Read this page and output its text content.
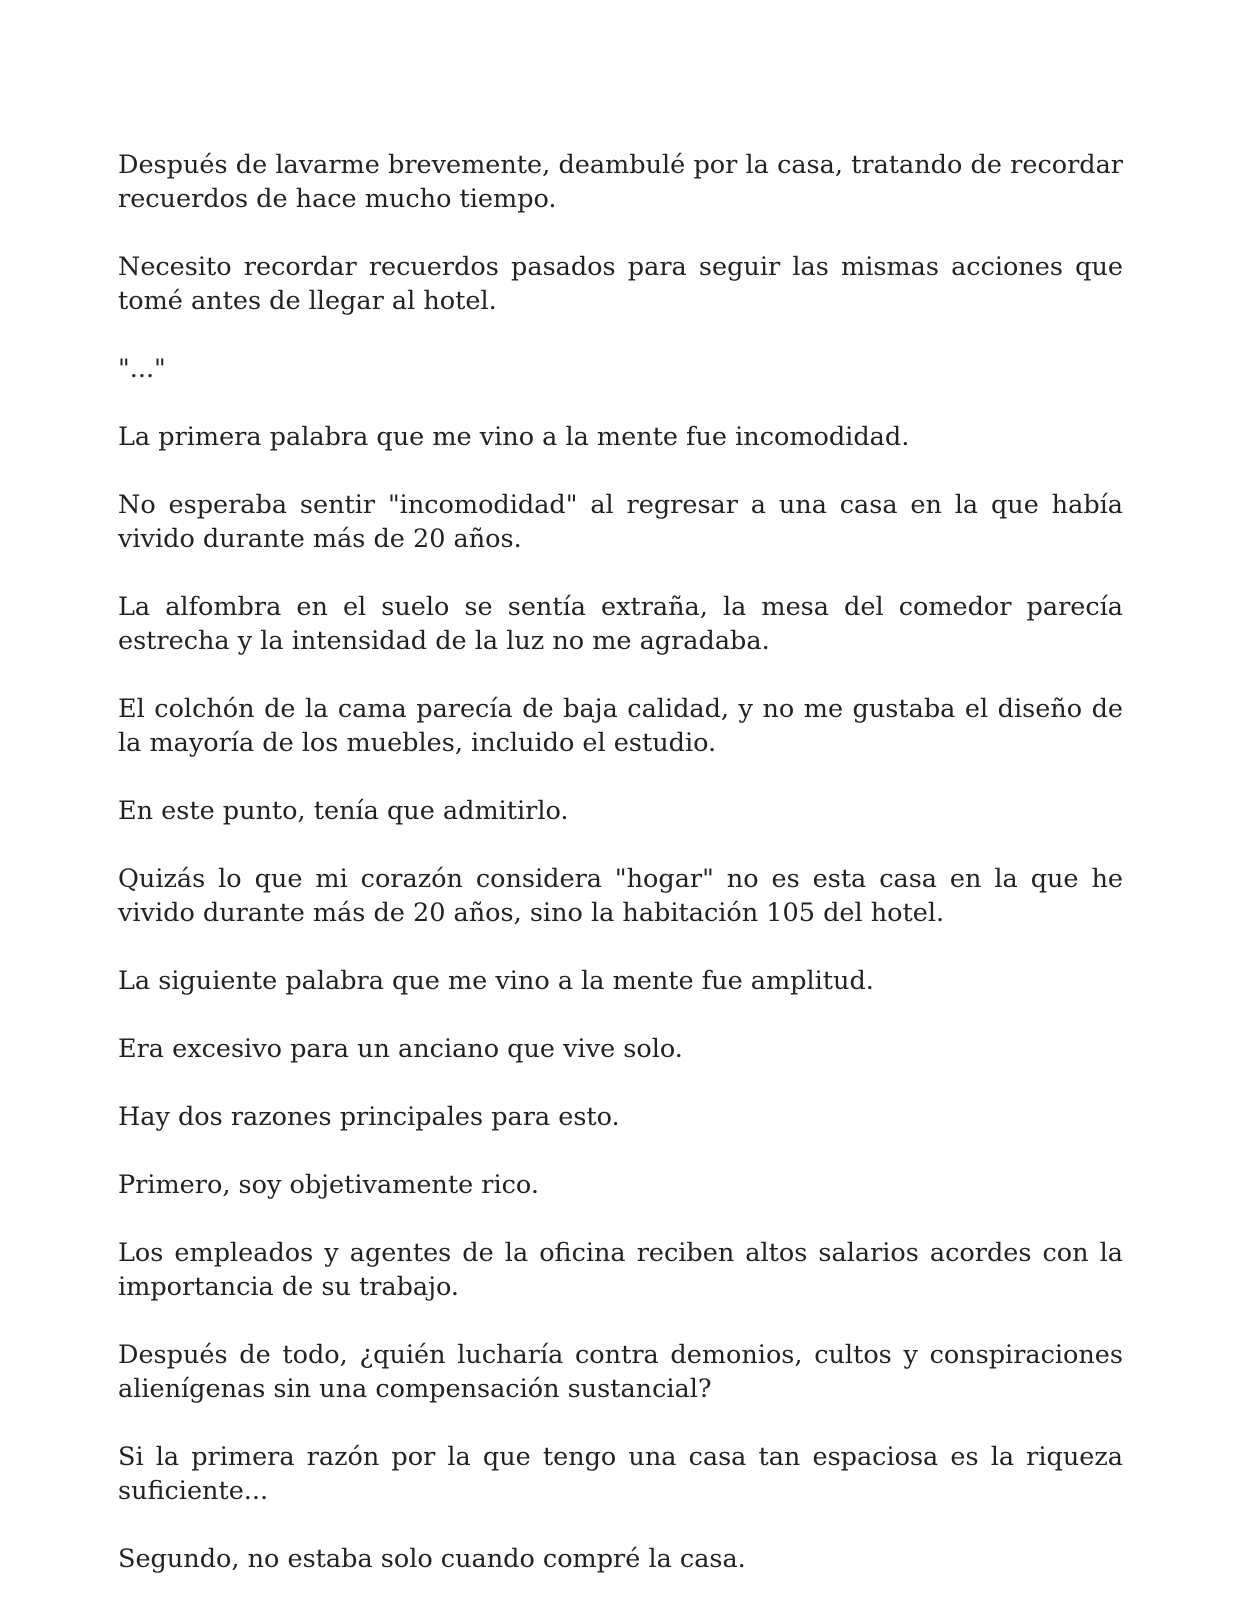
Después de lavarme brevemente, deambulé por la casa, tratando de recordar recuerdos de hace mucho tiempo.

Necesito recordar recuerdos pasados para seguir las mismas acciones que tomé antes de llegar al hotel.

"..."

La primera palabra que me vino a la mente fue incomodidad.

No esperaba sentir "incomodidad" al regresar a una casa en la que había vivido durante más de 20 años.

La alfombra en el suelo se sentía extraña, la mesa del comedor parecía estrecha y la intensidad de la luz no me agradaba.

El colchón de la cama parecía de baja calidad, y no me gustaba el diseño de la mayoría de los muebles, incluido el estudio.

En este punto, tenía que admitirlo.

Quizás lo que mi corazón considera "hogar" no es esta casa en la que he vivido durante más de 20 años, sino la habitación 105 del hotel.

La siguiente palabra que me vino a la mente fue amplitud.

Era excesivo para un anciano que vive solo.

Hay dos razones principales para esto.

Primero, soy objetivamente rico.

Los empleados y agentes de la oficina reciben altos salarios acordes con la importancia de su trabajo.

Después de todo, ¿quién lucharía contra demonios, cultos y conspiraciones alienígenas sin una compensación sustancial?

Si la primera razón por la que tengo una casa tan espaciosa es la riqueza suficiente...

Segundo, no estaba solo cuando compré la casa.
